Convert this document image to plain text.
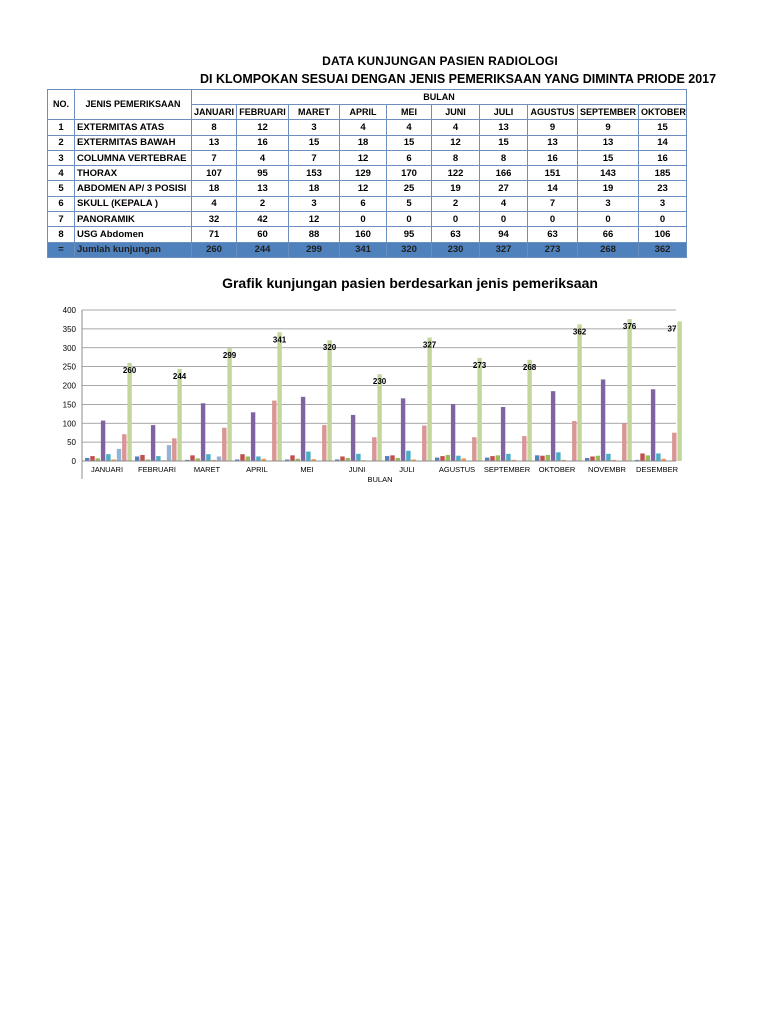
DATA KUNJUNGAN PASIEN RADIOLOGI
DI KLOMPOKAN SESUAI DENGAN JENIS PEMERIKSAAN YANG DIMINTA PRIODE 2017
NO.	JENIS PEMERIKSAAN	BULAN									
		JANUARI	FEBRUARI	MARET	APRIL	MEI	JUNI	JULI	AGUSTUS	SEPTEMBER	OKTOBER
1	EXTERMITAS ATAS	8	12	3	4	4	4	13	9	9	15
2	EXTERMITAS BAWAH	13	16	15	18	15	12	15	13	13	14
3	COLUMNA VERTEBRAE	7	4	7	12	6	8	8	16	15	16
4	THORAX	107	95	153	129	170	122	166	151	143	185
5	ABDOMEN AP/ 3 POSISI	18	13	18	12	25	19	27	14	19	23
6	SKULL (KEPALA )	4	2	3	6	5	2	4	7	3	3
7	PANORAMIK	32	42	12	0	0	0	0	0	0	0
8	USG Abdomen	71	60	88	160	95	63	94	63	66	106
=	Jumlah kunjungan	260	244	299	341	320	230	327	273	268	362
Grafik kunjungan pasien berdesarkan jenis pemeriksaan
0
50
100
150
200
250
300
350
400
260
JANUARI
244
FEBRUARI
299
MARET
341
APRIL
320
MEI
230
JUNI
327
JULI
273
AGUSTUS
268
SEPTEMBER
362
OKTOBER
376
NOVEMBR
37
DESEMBER
BULAN
